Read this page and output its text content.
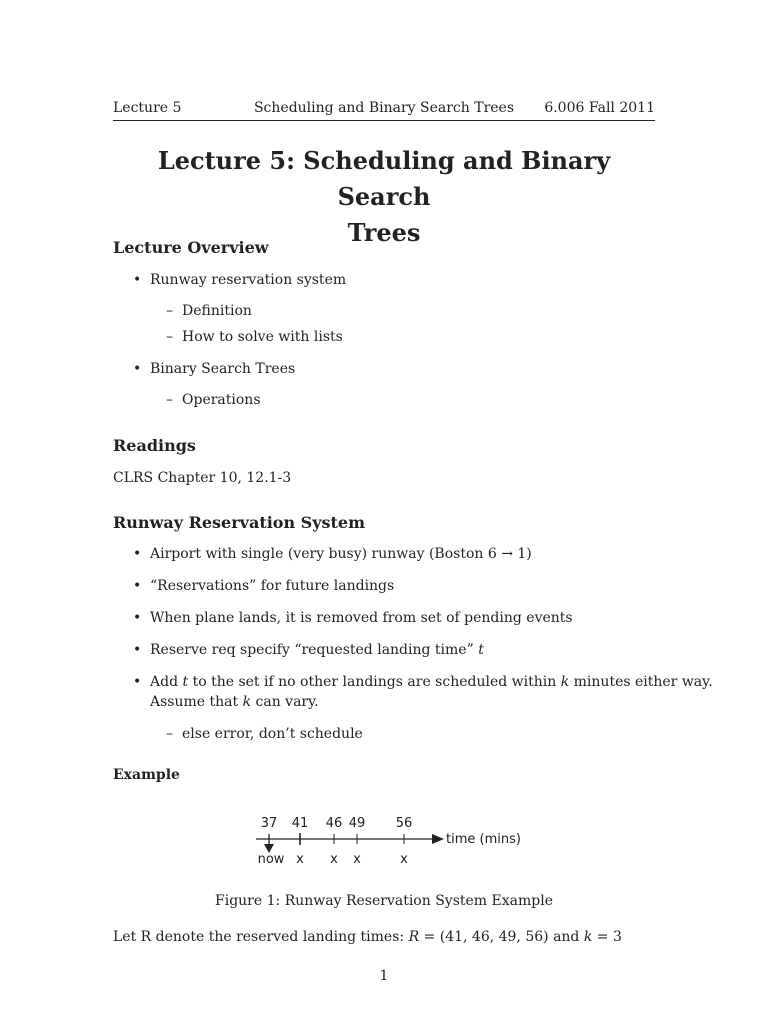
Lecture 5	Scheduling and Binary Search Trees 6.006 Fall 2011
Lecture 5: Scheduling and Binary Search
Trees
Lecture Overview
• Runway reservation system
– Definition
– How to solve with lists
• Binary Search Trees
– Operations
Readings
CLRS Chapter 10, 12.1-3
Runway Reservation System
• Airport with single (very busy) runway (Boston 6 → 1)
• “Reservations” for future landings
• When plane lands, it is removed from set of pending events
• Reserve req specify “requested landing time” t
• Add t to the set if no other landings are scheduled within k minutes either way.
Assume that k can vary.
– else error, don’t schedule
Example
37 41 46 49 56
time (mins)
now x x x	x
Figure 1: Runway Reservation System Example
Let R denote the reserved landing times: R = (41, 46, 49, 56) and k = 3
1
